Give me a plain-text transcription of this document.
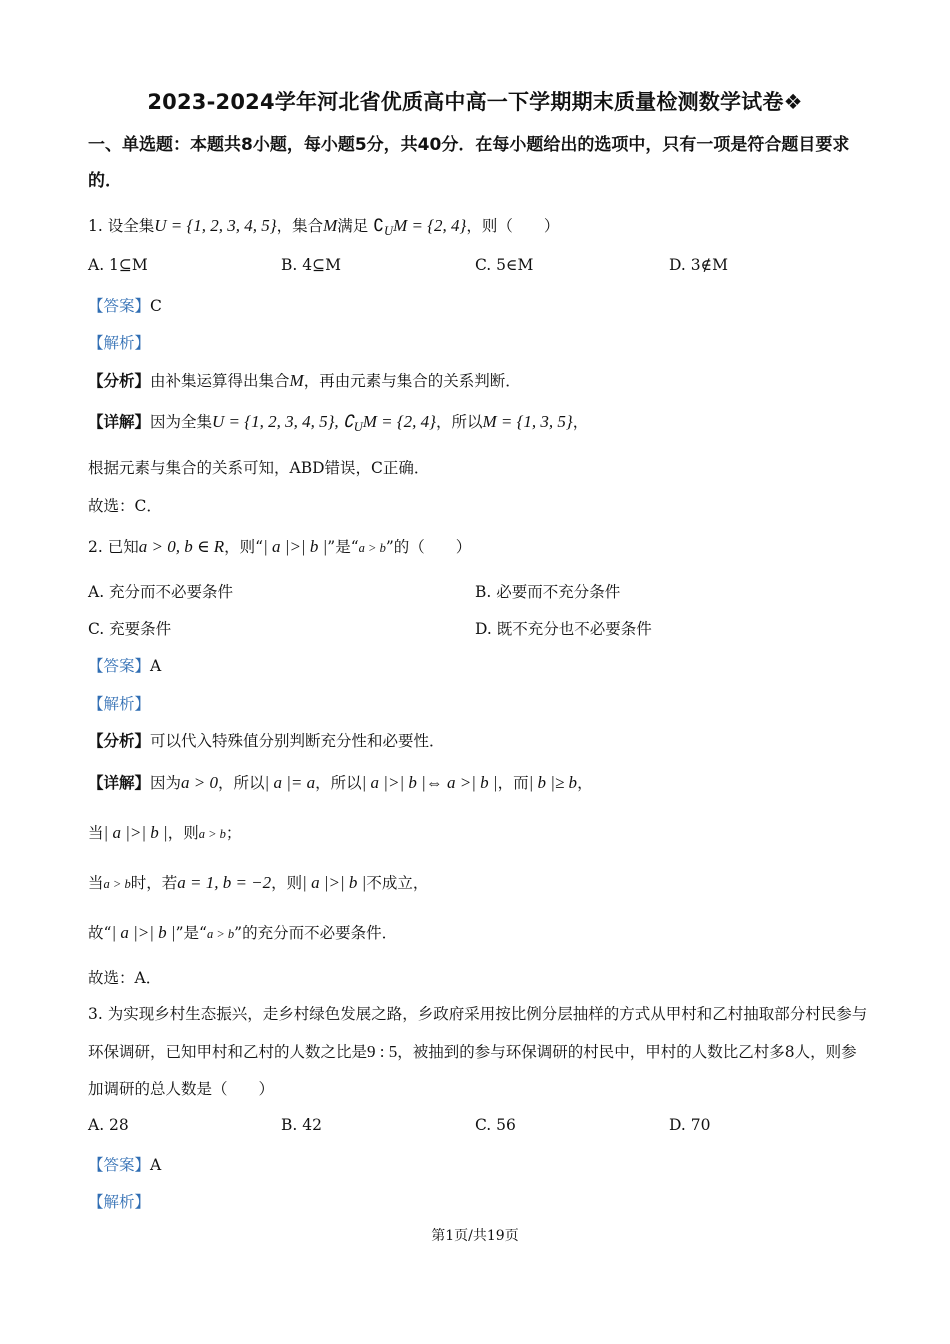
2023-2024学年河北省优质高中高一下学期期末质量检测数学试卷❖
一、单选题：本题共8小题，每小题5分，共40分．在每小题给出的选项中，只有一项是符合题目要求的．
1. 设全集U = {1, 2, 3, 4, 5}，集合M满足 $∁_UM = \{2$, 4}，则（　　）
A. 1⊆M	B. 4⊆M	C. 5∈M	D. 3∉M
【答案】C
【解析】
【分析】由补集运算得出集合M，再由元素与集合的关系判断．
【详解】因为全集U = {1, 2, 3, 4, 5}, $∁_UM = \{2$, 4}，所以M = {1, 3, 5}，
根据元素与集合的关系可知，ABD错误，C正确．
故选：C．
2. 已知a > 0, b ∈ R，则“| a |>| b |”是“a > b”的（　　）
A. 充分而不必要条件	B. 必要而不充分条件
C. 充要条件	D. 既不充分也不必要条件
【答案】A
【解析】
【分析】可以代入特殊值分别判断充分性和必要性．
【详解】因为a > 0，所以| a |= a，所以| a |>| b |⇔ a >| b |，而| b |≥ b，
当| a |>| b |，则a > b；
当a > b时，若a = 1, b = −2，则| a |>| b |不成立，
故“| a |>| b |”是“a > b”的充分而不必要条件．
故选：A．
3. 为实现乡村生态振兴，走乡村绿色发展之路，乡政府采用按比例分层抽样的方式从甲村和乙村抽取部分村民参与环保调研，已知甲村和乙村的人数之比是9 : 5，被抽到的参与环保调研的村民中，甲村的人数比乙村多8人，则参加调研的总人数是（　　）
A. 28	B. 42	C. 56	D. 70
【答案】A
【解析】
第1页/共19页
